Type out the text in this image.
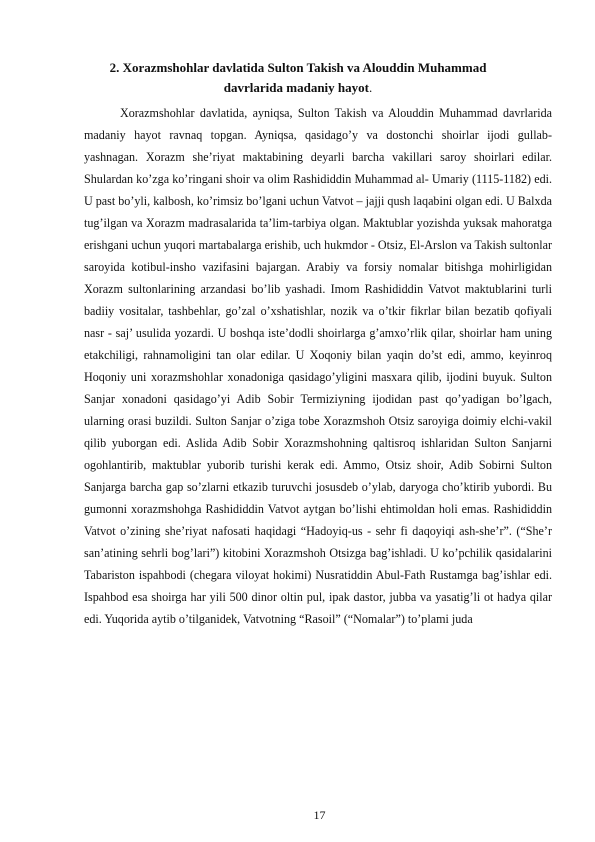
2. Xorazmshohlar davlatida Sulton Takish va Alouddin Muhammad
davrlarida madaniy hayot.

Xorazmshohlar davlatida, ayniqsa, Sulton Takish va Alouddin Muhammad davrlarida madaniy hayot ravnaq topgan. Ayniqsa, qasidago’y va dostonchi shoirlar ijodi gullab-yashnagan. Xorazm she’riyat maktabining deyarli barcha vakillari saroy shoirlari edilar. Shulardan ko’zga ko’ringani shoir va olim Rashididdin Muhammad al- Umariy (1115-1182) edi. U past bo’yli, kalbosh, ko’rimsiz bo’lgani uchun Vatvot – jajji qush laqabini olgan edi. U Balxda tug’ilgan va Xorazm madrasalarida ta’lim-tarbiya olgan. Maktublar yozishda yuksak mahoratga erishgani uchun yuqori martabalarga erishib, uch hukmdor - Otsiz, El-Arslon va Takish sultonlar saroyida kotibul-insho vazifasini bajargan. Arabiy va forsiy nomalar bitishga mohirligidan Xorazm sultonlarining arzandasi bo’lib yashadi. Imom Rashididdin Vatvot maktublarini turli badiiy vositalar, tashbehlar, go’zal o’xshatishlar, nozik va o’tkir fikrlar bilan bezatib qofiyali nasr - saj’ usulida yozardi. U boshqa iste’dodli shoirlarga g’amxo’rlik qilar, shoirlar ham uning etakchiligi, rahnamoligini tan olar edilar. U Xoqoniy bilan yaqin do’st edi, ammo, keyinroq Hoqoniy uni xorazmshohlar xonadoniga qasidago’yligini masxara qilib, ijodini buyuk. Sulton Sanjar xonadoni qasidago’yi Adib Sobir Termiziyning ijodidan past qo’yadigan bo’lgach, ularning orasi buzildi. Sulton Sanjar o’ziga tobe Xorazmshoh Otsiz saroyiga doimiy elchi-vakil qilib yuborgan edi. Aslida Adib Sobir Xorazmshohning qaltisroq ishlaridan Sulton Sanjarni ogohlantirib, maktublar yuborib turishi kerak edi. Ammo, Otsiz shoir, Adib Sobirni Sulton Sanjarga barcha gap so’zlarni etkazib turuvchi josusdeb o’ylab, daryoga cho’ktirib yubordi. Bu gumonni xorazmshohga Rashididdin Vatvot aytgan bo’lishi ehtimoldan holi emas. Rashididdin Vatvot o’zining she’riyat nafosati haqidagi “Hadoyiq-us - sehr fi daqoyiqi ash-she’r”. (“She’r san’atining sehrli bog’lari”) kitobini Xorazmshoh Otsizga bag’ishladi. U ko’pchilik qasidalarini Tabariston ispahbodi (chegara viloyat hokimi) Nusratiddin Abul-Fath Rustamga bag’ishlar edi. Ispahbod esa shoirga har yili 500 dinor oltin pul, ipak dastor, jubba va yasatig’li ot hadya qilar edi. Yuqorida aytib o’tilganidek, Vatvotning “Rasoil” (“Nomalar”) to’plami juda

17
